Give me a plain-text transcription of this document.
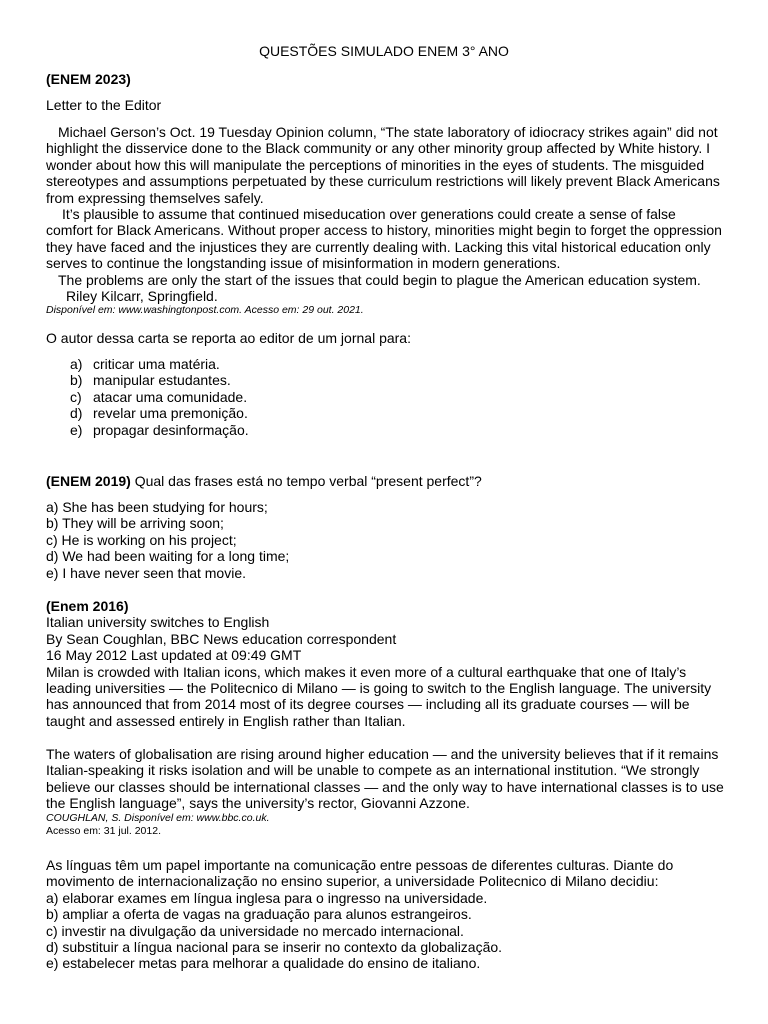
QUESTÕES SIMULADO ENEM 3° ANO
(ENEM 2023)
Letter to the Editor

Michael Gerson’s Oct. 19 Tuesday Opinion column, “The state laboratory of idiocracy strikes again” did not highlight the disservice done to the Black community or any other minority group affected by White history. I wonder about how this will manipulate the perceptions of minorities in the eyes of students. The misguided stereotypes and assumptions perpetuated by these curriculum restrictions will likely prevent Black Americans from expressing themselves safely.

It’s plausible to assume that continued miseducation over generations could create a sense of false comfort for Black Americans. Without proper access to history, minorities might begin to forget the oppression they have faced and the injustices they are currently dealing with. Lacking this vital historical education only serves to continue the longstanding issue of misinformation in modern generations.

The problems are only the start of the issues that could begin to plague the American education system.

Riley Kilcarr, Springfield.

Disponível em: www.washingtonpost.com. Acesso em: 29 out. 2021.

O autor dessa carta se reporta ao editor de um jornal para:
a) criticar uma matéria.
b) manipular estudantes.
c) atacar uma comunidade.
d) revelar uma premonição.
e) propagar desinformação.
(ENEM 2019) Qual das frases está no tempo verbal “present perfect”?
a) She has been studying for hours;
b) They will be arriving soon;
c) He is working on his project;
d) We had been waiting for a long time;
e) I have never seen that movie.
(Enem 2016)
Italian university switches to English
By Sean Coughlan, BBC News education correspondent
16 May 2012 Last updated at 09:49 GMT

Milan is crowded with Italian icons, which makes it even more of a cultural earthquake that one of Italy’s leading universities — the Politecnico di Milano — is going to switch to the English language. The university has announced that from 2014 most of its degree courses — including all its graduate courses — will be taught and assessed entirely in English rather than Italian.

The waters of globalisation are rising around higher education — and the university believes that if it remains Italian-speaking it risks isolation and will be unable to compete as an international institution. “We strongly believe our classes should be international classes — and the only way to have international classes is to use the English language”, says the university’s rector, Giovanni Azzone.

COUGHLAN, S. Disponível em: www.bbc.co.uk.
Acesso em: 31 jul. 2012.

As línguas têm um papel importante na comunicação entre pessoas de diferentes culturas. Diante do movimento de internacionalização no ensino superior, a universidade Politecnico di Milano decidiu:

a) elaborar exames em língua inglesa para o ingresso na universidade.
b) ampliar a oferta de vagas na graduação para alunos estrangeiros.
c) investir na divulgação da universidade no mercado internacional.
d) substituir a língua nacional para se inserir no contexto da globalização.
e) estabelecer metas para melhorar a qualidade do ensino de italiano.
